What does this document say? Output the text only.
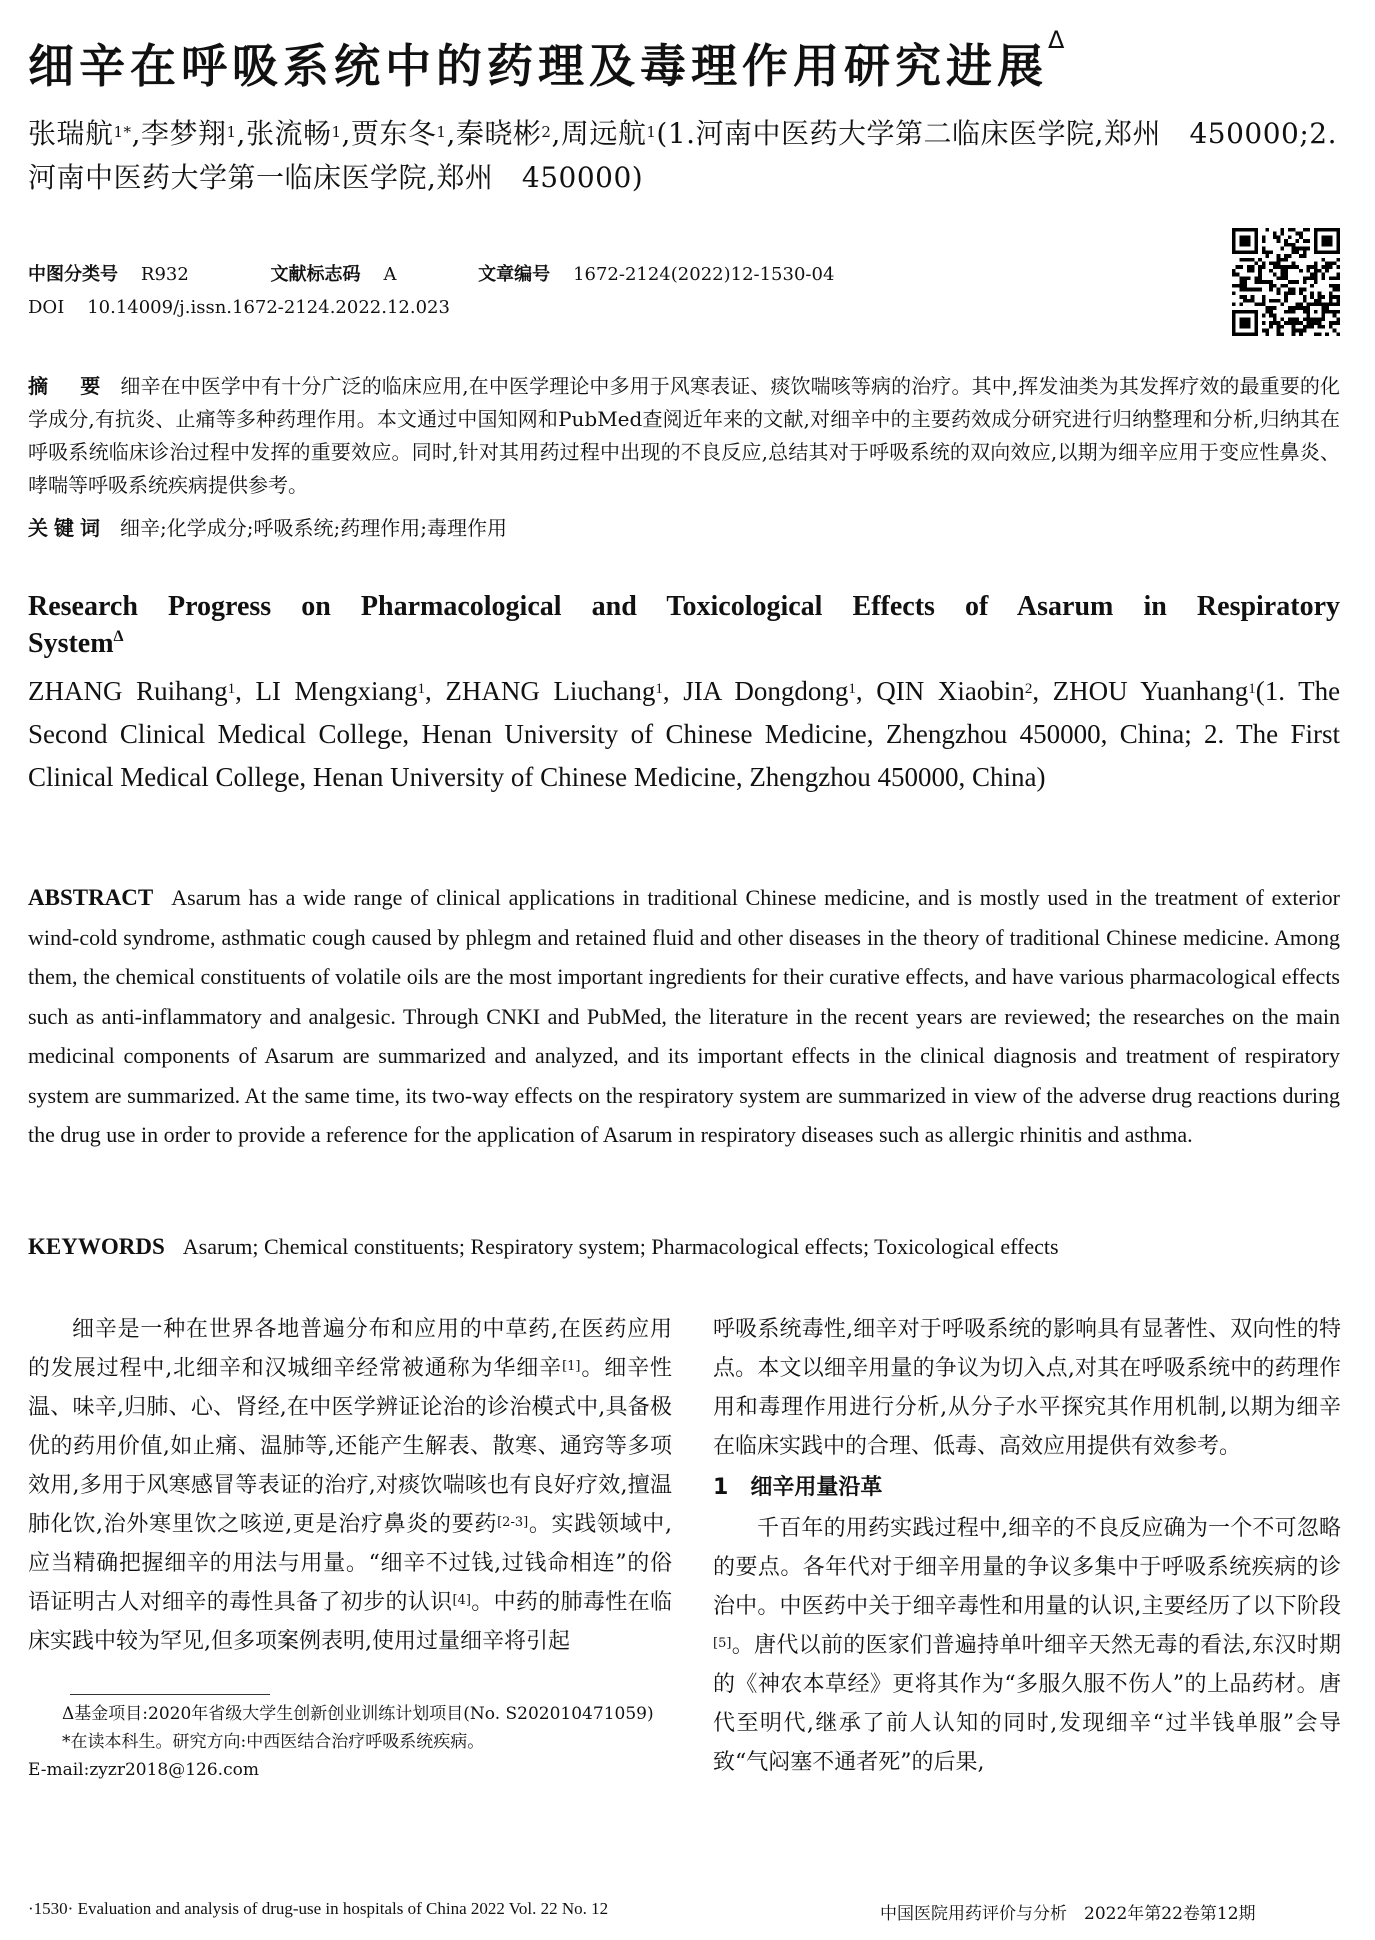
细辛在呼吸系统中的药理及毒理作用研究进展$^\Delta$
张瑞航$^{1*}$,李梦翔$^1$,张流畅$^1$,贾东冬$^1$,秦晓彬$^2$,周远航$^1$(1.河南中医药大学第二临床医学院,郑州　450000;2.河南中医药大学第一临床医学院,郑州　450000)
中图分类号 R932	文献标志码 A	文章编号 1672-2124(2022)12-1530-04
DOI 10.14009/j.issn.1672-2124.2022.12.023
摘　要 细辛在中医学中有十分广泛的临床应用,在中医学理论中多用于风寒表证、痰饮喘咳等病的治疗。其中,挥发油类为其发挥疗效的最重要的化学成分,有抗炎、止痛等多种药理作用。本文通过中国知网和PubMed查阅近年来的文献,对细辛中的主要药效成分研究进行归纳整理和分析,归纳其在呼吸系统临床诊治过程中发挥的重要效应。同时,针对其用药过程中出现的不良反应,总结其对于呼吸系统的双向效应,以期为细辛应用于变应性鼻炎、哮喘等呼吸系统疾病提供参考。
关键词 细辛;化学成分;呼吸系统;药理作用;毒理作用
Research Progress on Pharmacological and Toxicological Effects of Asarum in Respiratory
System$^\Delta$
ZHANG Ruihang$^1$, LI Mengxiang$^1$, ZHANG Liuchang$^1$, JIA Dongdong$^1$, QIN Xiaobin$^2$, ZHOU Yuanhang$^1$(1. The Second Clinical Medical College, Henan University of Chinese Medicine, Zhengzhou 450000, China; 2. The First Clinical Medical College, Henan University of Chinese Medicine, Zhengzhou 450000, China)
ABSTRACT Asarum has a wide range of clinical applications in traditional Chinese medicine, and is mostly used in the treatment of exterior wind-cold syndrome, asthmatic cough caused by phlegm and retained fluid and other diseases in the theory of traditional Chinese medicine. Among them, the chemical constituents of volatile oils are the most important ingredients for their curative effects, and have various pharmacological effects such as anti-inflammatory and analgesic. Through CNKI and PubMed, the literature in the recent years are reviewed; the researches on the main medicinal components of Asarum are summarized and analyzed, and its important effects in the clinical diagnosis and treatment of respiratory system are summarized. At the same time, its two-way effects on the respiratory system are summarized in view of the adverse drug reactions during the drug use in order to provide a reference for the application of Asarum in respiratory diseases such as allergic rhinitis and asthma.
KEYWORDS Asarum; Chemical constituents; Respiratory system; Pharmacological effects; Toxicological effects

细辛是一种在世界各地普遍分布和应用的中草药,在医药应用的发展过程中,北细辛和汉城细辛经常被通称为华细辛[1]。细辛性温、味辛,归肺、心、肾经,在中医学辨证论治的诊治模式中,具备极优的药用价值,如止痛、温肺等,还能产生解表、散寒、通窍等多项效用,多用于风寒感冒等表证的治疗,对痰饮喘咳也有良好疗效,擅温肺化饮,治外寒里饮之咳逆,更是治疗鼻炎的要药[2-3]。实践领域中,应当精确把握细辛的用法与用量。“细辛不过钱,过钱命相连”的俗语证明古人对细辛的毒性具备了初步的认识[4]。中药的肺毒性在临床实践中较为罕见,但多项案例表明,使用过量细辛将引起

Δ基金项目:2020年省级大学生创新创业训练计划项目(No. S202010471059)

*在读本科生。研究方向:中西医结合治疗呼吸系统疾病。

E-mail:zyzr2018@126.com

呼吸系统毒性,细辛对于呼吸系统的影响具有显著性、双向性的特点。本文以细辛用量的争议为切入点,对其在呼吸系统中的药理作用和毒理作用进行分析,从分子水平探究其作用机制,以期为细辛在临床实践中的合理、低毒、高效应用提供有效参考。

1 细辛用量沿革

千百年的用药实践过程中,细辛的不良反应确为一个不可忽略的要点。各年代对于细辛用量的争议多集中于呼吸系统疾病的诊治中。中医药中关于细辛毒性和用量的认识,主要经历了以下阶段[5]。唐代以前的医家们普遍持单叶细辛天然无毒的看法,东汉时期的《神农本草经》更将其作为“多服久服不伤人”的上品药材。唐代至明代,继承了前人认知的同时,发现细辛“过半钱单服”会导致“气闷塞不通者死”的后果,

·1530· Evaluation and analysis of drug-use in hospitals of China 2022 Vol. 22 No. 12	中国医院用药评价与分析　2022年第22卷第12期
